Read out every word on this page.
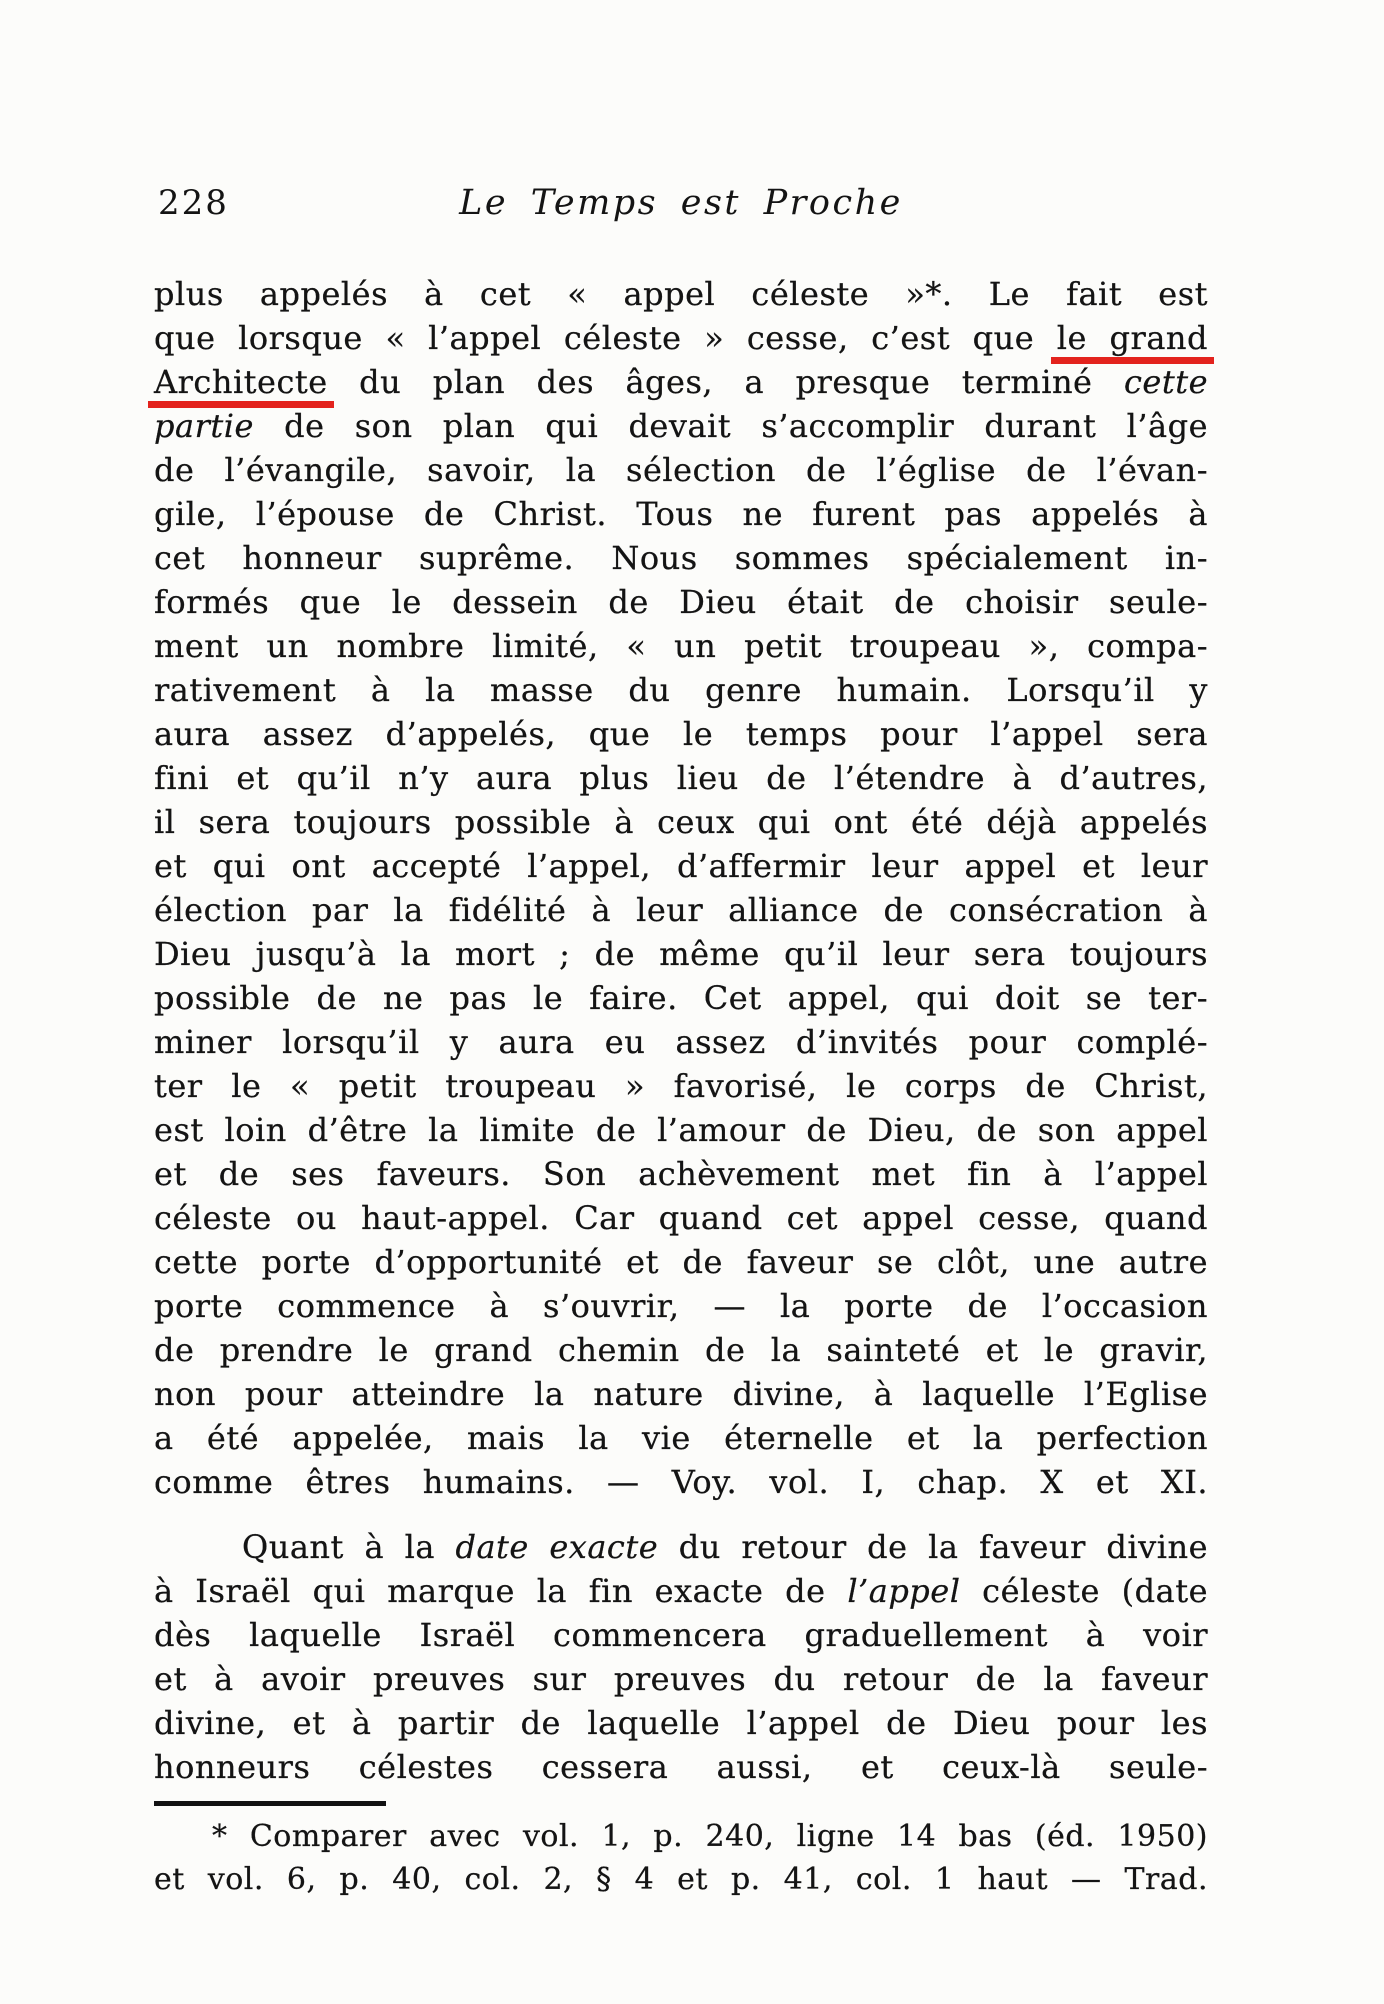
228	Le Temps est Proche
plus appelés à cet « appel céleste »*. Le fait est
que lorsque « l’appel céleste » cesse, c’est que le grand
Architecte du plan des âges, a presque terminé cette
partie de son plan qui devait s’accomplir durant l’âge
de l’évangile, savoir, la sélection de l’église de l’évan-
gile, l’épouse de Christ. Tous ne furent pas appelés à
cet honneur suprême. Nous sommes spécialement in-
formés que le dessein de Dieu était de choisir seule-
ment un nombre limité, « un petit troupeau », compa-
rativement à la masse du genre humain. Lorsqu’il y
aura assez d’appelés, que le temps pour l’appel sera
fini et qu’il n’y aura plus lieu de l’étendre à d’autres,
il sera toujours possible à ceux qui ont été déjà appelés
et qui ont accepté l’appel, d’affermir leur appel et leur
élection par la fidélité à leur alliance de consécration à
Dieu jusqu’à la mort ; de même qu’il leur sera toujours
possible de ne pas le faire. Cet appel, qui doit se ter-
miner lorsqu’il y aura eu assez d’invités pour complé-
ter le « petit troupeau » favorisé, le corps de Christ,
est loin d’être la limite de l’amour de Dieu, de son appel
et de ses faveurs. Son achèvement met fin à l’appel
céleste ou haut-appel. Car quand cet appel cesse, quand
cette porte d’opportunité et de faveur se clôt, une autre
porte commence à s’ouvrir, — la porte de l’occasion
de prendre le grand chemin de la sainteté et le gravir,
non pour atteindre la nature divine, à laquelle l’Eglise
a été appelée, mais la vie éternelle et la perfection
comme êtres humains. — Voy. vol. I, chap. X et XI.
Quant à la date exacte du retour de la faveur divine
à Israël qui marque la fin exacte de l’appel céleste (date
dès laquelle Israël commencera graduellement à voir
et à avoir preuves sur preuves du retour de la faveur
divine, et à partir de laquelle l’appel de Dieu pour les
honneurs célestes cessera aussi, et ceux-là seule-
* Comparer avec vol. 1, p. 240, ligne 14 bas (éd. 1950)
et vol. 6, p. 40, col. 2, § 4 et p. 41, col. 1 haut — Trad.
